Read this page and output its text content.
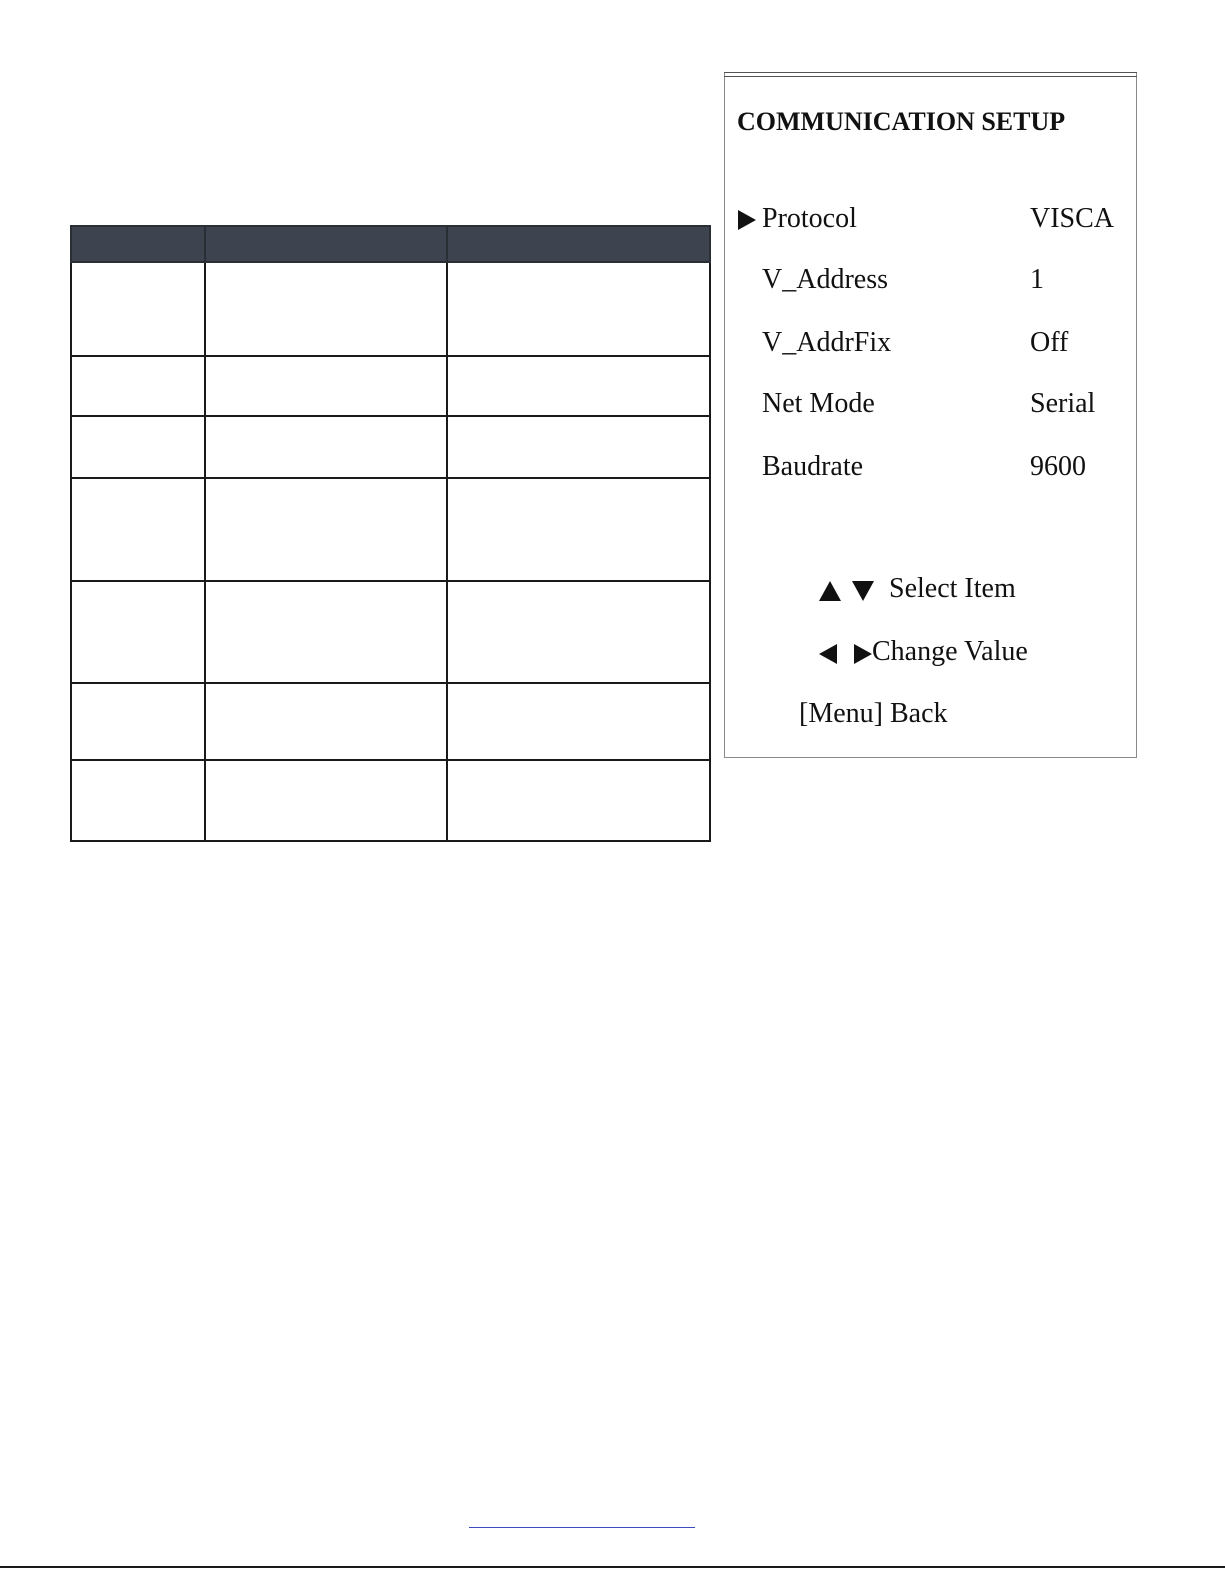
COMMUNICATION SETUP
Protocol	VISCA
V_Address	1
V_AddrFix	Off
Net Mode	Serial
Baudrate	9600
Select Item
Change Value
[Menu] Back
